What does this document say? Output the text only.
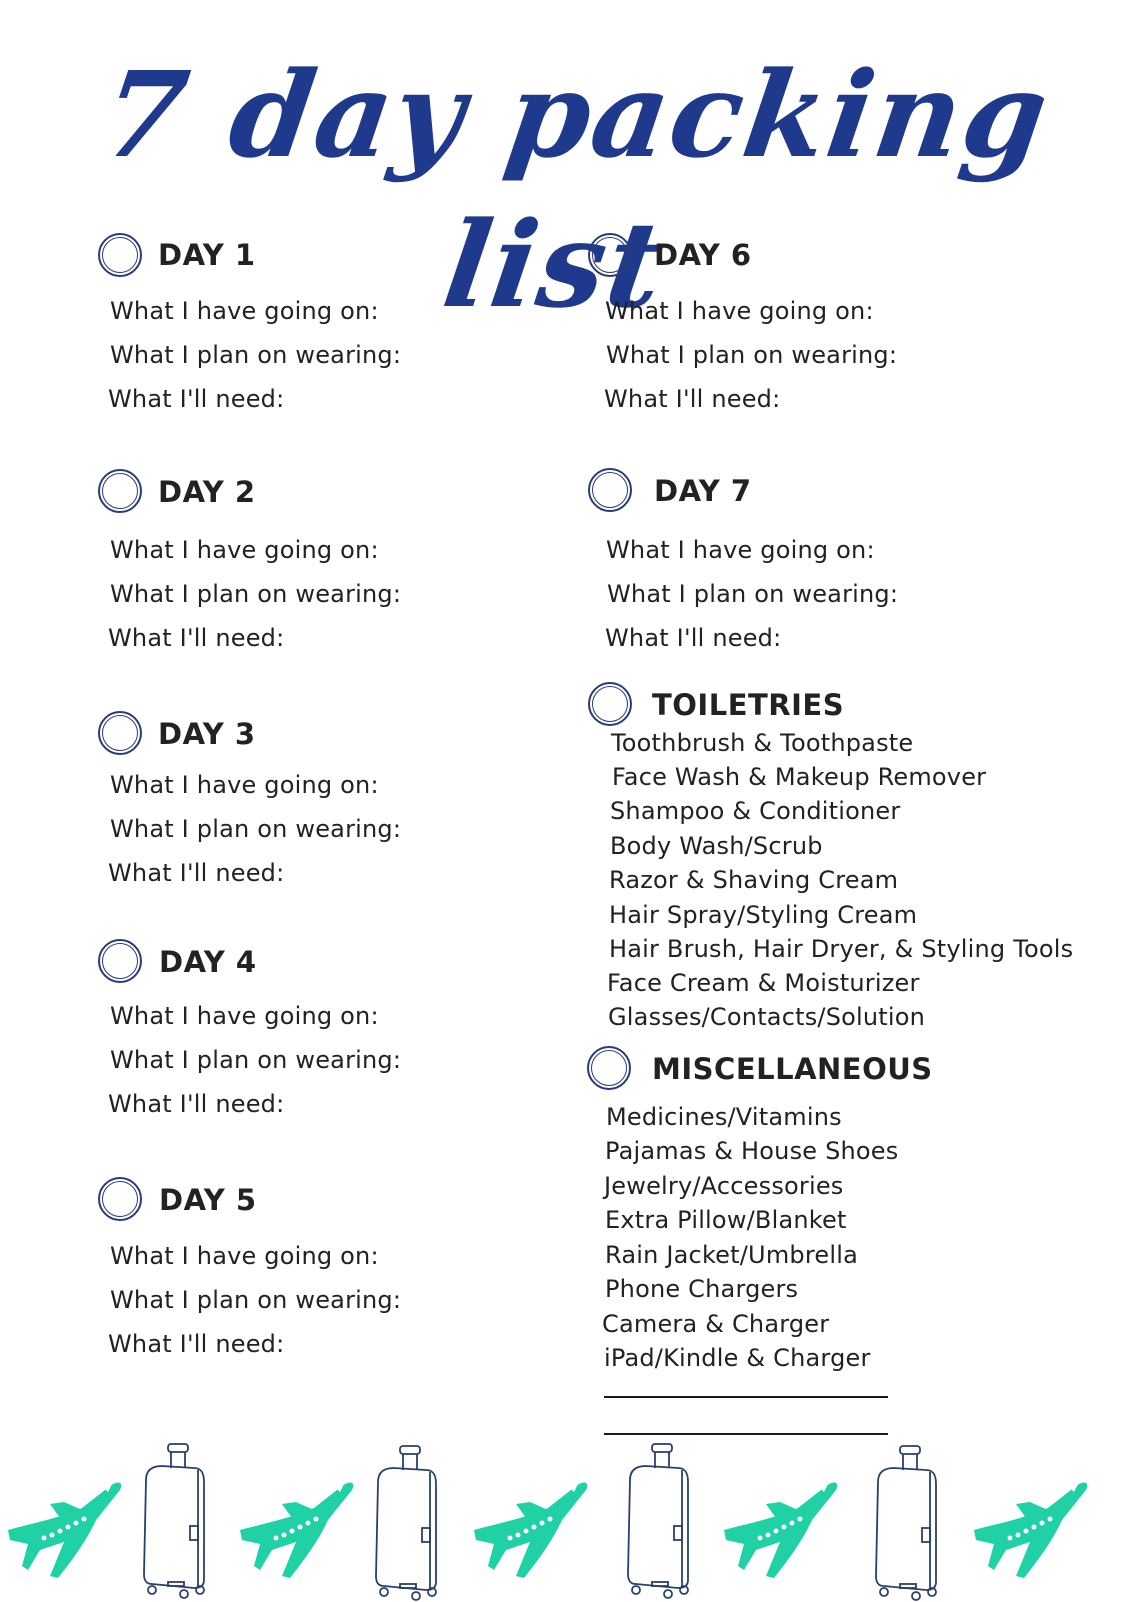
7 day packing list
DAY 1
What I have going on:
What I plan on wearing:
What I'll need:
DAY 2
What I have going on:
What I plan on wearing:
What I'll need:
DAY 3
What I have going on:
What I plan on wearing:
What I'll need:
DAY 4
What I have going on:
What I plan on wearing:
What I'll need:
DAY 5
What I have going on:
What I plan on wearing:
What I'll need:
DAY 6
What I have going on:
What I plan on wearing:
What I'll need:
DAY 7
What I have going on:
What I plan on wearing:
What I'll need:
TOILETRIES
Toothbrush & Toothpaste
Face Wash & Makeup Remover
Shampoo & Conditioner
Body Wash/Scrub
Razor & Shaving Cream
Hair Spray/Styling Cream
Hair Brush, Hair Dryer, & Styling Tools
Face Cream & Moisturizer
Glasses/Contacts/Solution
MISCELLANEOUS
Medicines/Vitamins
Pajamas & House Shoes
Jewelry/Accessories
Extra Pillow/Blanket
Rain Jacket/Umbrella
Phone Chargers
Camera & Charger
iPad/Kindle & Charger
